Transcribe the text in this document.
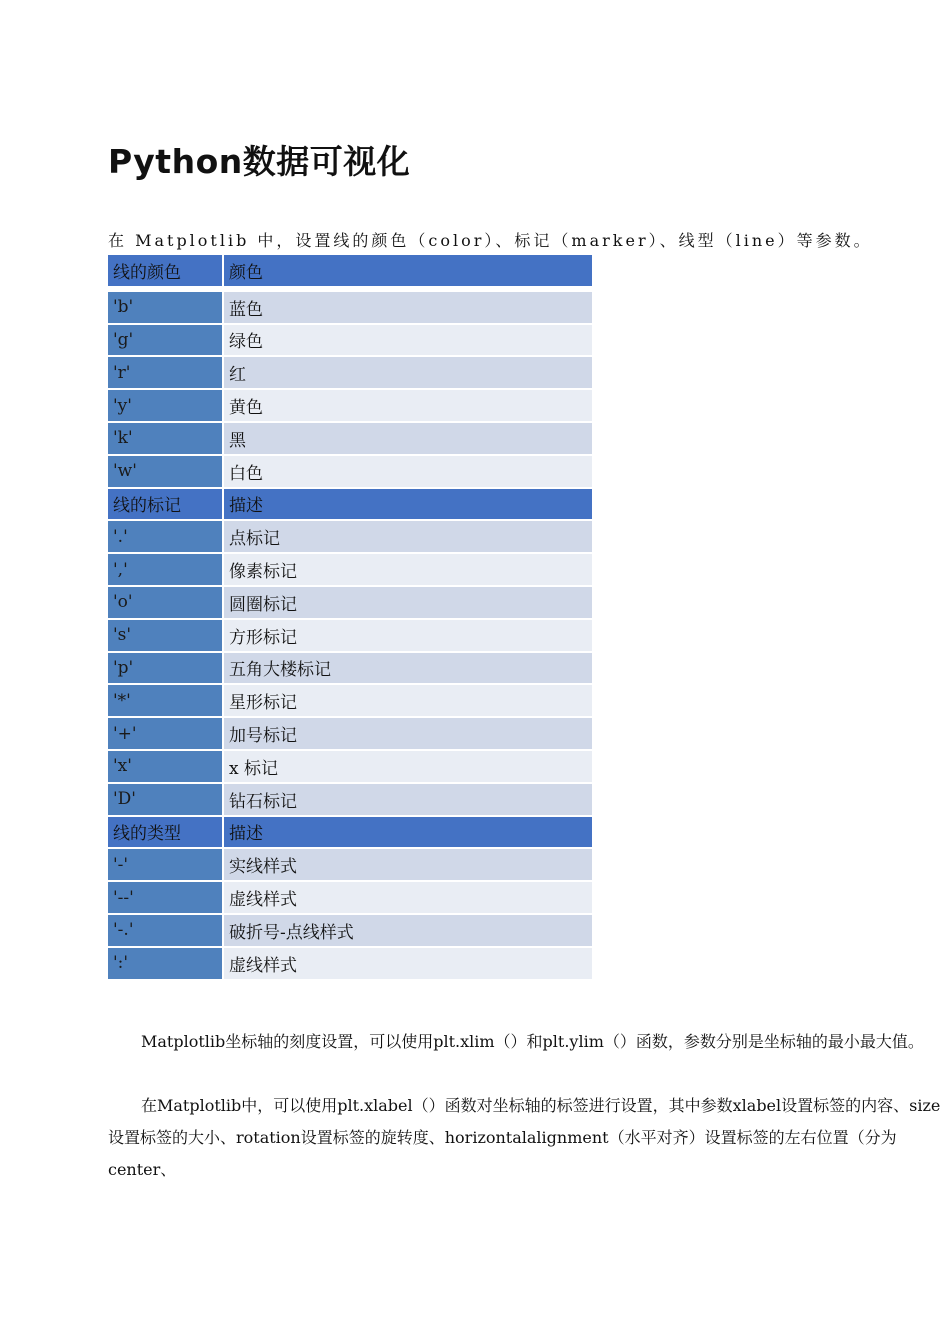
Python数据可视化
在 Matplotlib 中，设置线的颜色（color）、标记（marker）、线型（line）等参数。
线的颜色	颜色

'b'	蓝色
'g'	绿色
'r'	红
'y'	黄色
'k'	黑
'w'	白色
线的标记	描述
'.'	点标记
','	像素标记
'o'	圆圈标记
's'	方形标记
'p'	五角大楼标记
'*'	星形标记
'+'	加号标记
'x'	x 标记
'D'	钻石标记
线的类型	描述
'-'	实线样式
'--'	虚线样式
'-.'	破折号-点线样式
':'	虚线样式

Matplotlib坐标轴的刻度设置，可以使用plt.xlim（）和plt.ylim（）函数，参数分别是坐标轴的最小最大值。

在Matplotlib中，可以使用plt.xlabel（）函数对坐标轴的标签进行设置，其中参数xlabel设置标签的内容、size设置标签的大小、rotation设置标签的旋转度、horizontalalignment（水平对齐）设置标签的左右位置（分为center、
